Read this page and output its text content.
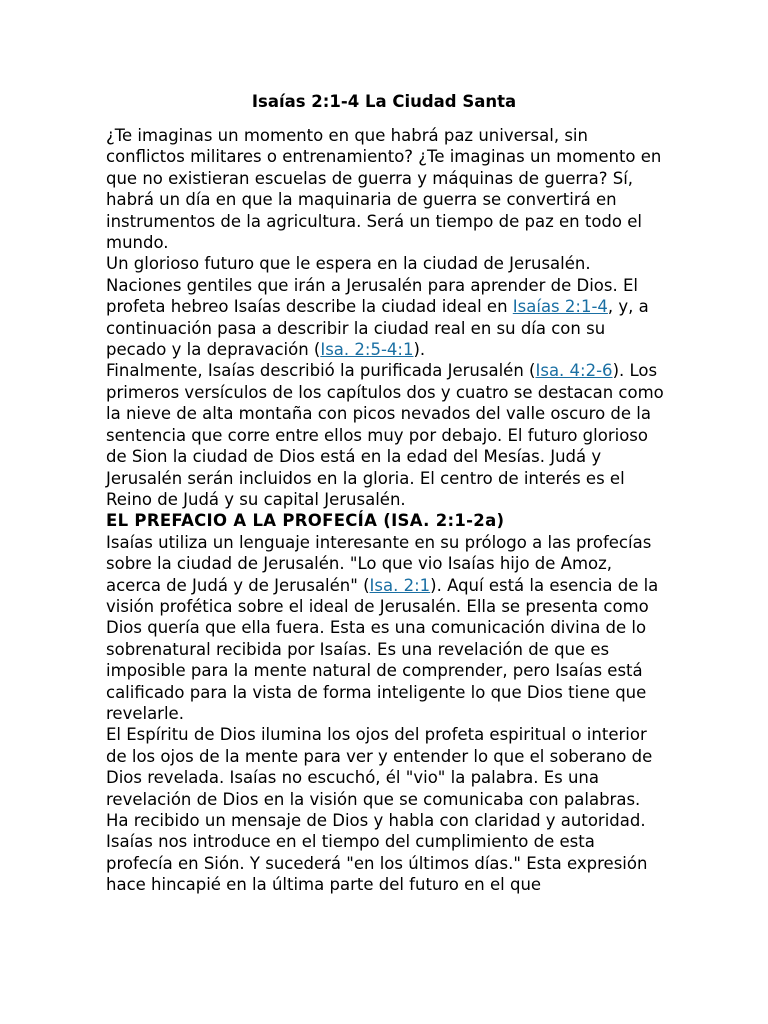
Isaías 2:1-4 La Ciudad Santa

¿Te imaginas un momento en que habrá paz universal, sin conflictos militares o entrenamiento? ¿Te imaginas un momento en que no existieran escuelas de guerra y máquinas de guerra? Sí, habrá un día en que la maquinaria de guerra se convertirá en instrumentos de la agricultura. Será un tiempo de paz en todo el mundo.

Un glorioso futuro que le espera en la ciudad de Jerusalén. Naciones gentiles que irán a Jerusalén para aprender de Dios. El profeta hebreo Isaías describe la ciudad ideal en Isaías 2:1-4, y, a continuación pasa a describir la ciudad real en su día con su pecado y la depravación (Isa. 2:5-4:1).

Finalmente, Isaías describió la purificada Jerusalén (Isa. 4:2-6). Los primeros versículos de los capítulos dos y cuatro se destacan como la nieve de alta montaña con picos nevados del valle oscuro de la sentencia que corre entre ellos muy por debajo. El futuro glorioso de Sion la ciudad de Dios está en la edad del Mesías. Judá y Jerusalén serán incluidos en la gloria. El centro de interés es el Reino de Judá y su capital Jerusalén.

EL PREFACIO A LA PROFECÍA (ISA. 2:1-2a)

Isaías utiliza un lenguaje interesante en su prólogo a las profecías sobre la ciudad de Jerusalén. "Lo que vio Isaías hijo de Amoz, acerca de Judá y de Jerusalén" (Isa. 2:1). Aquí está la esencia de la visión profética sobre el ideal de Jerusalén. Ella se presenta como Dios quería que ella fuera. Esta es una comunicación divina de lo sobrenatural recibida por Isaías. Es una revelación de que es imposible para la mente natural de comprender, pero Isaías está calificado para la vista de forma inteligente lo que Dios tiene que revelarle.

El Espíritu de Dios ilumina los ojos del profeta espiritual o interior de los ojos de la mente para ver y entender lo que el soberano de Dios revelada. Isaías no escuchó, él "vio" la palabra. Es una revelación de Dios en la visión que se comunicaba con palabras. Ha recibido un mensaje de Dios y habla con claridad y autoridad.

Isaías nos introduce en el tiempo del cumplimiento de esta profecía en Sión. Y sucederá "en los últimos días." Esta expresión hace hincapié en la última parte del futuro en el que
